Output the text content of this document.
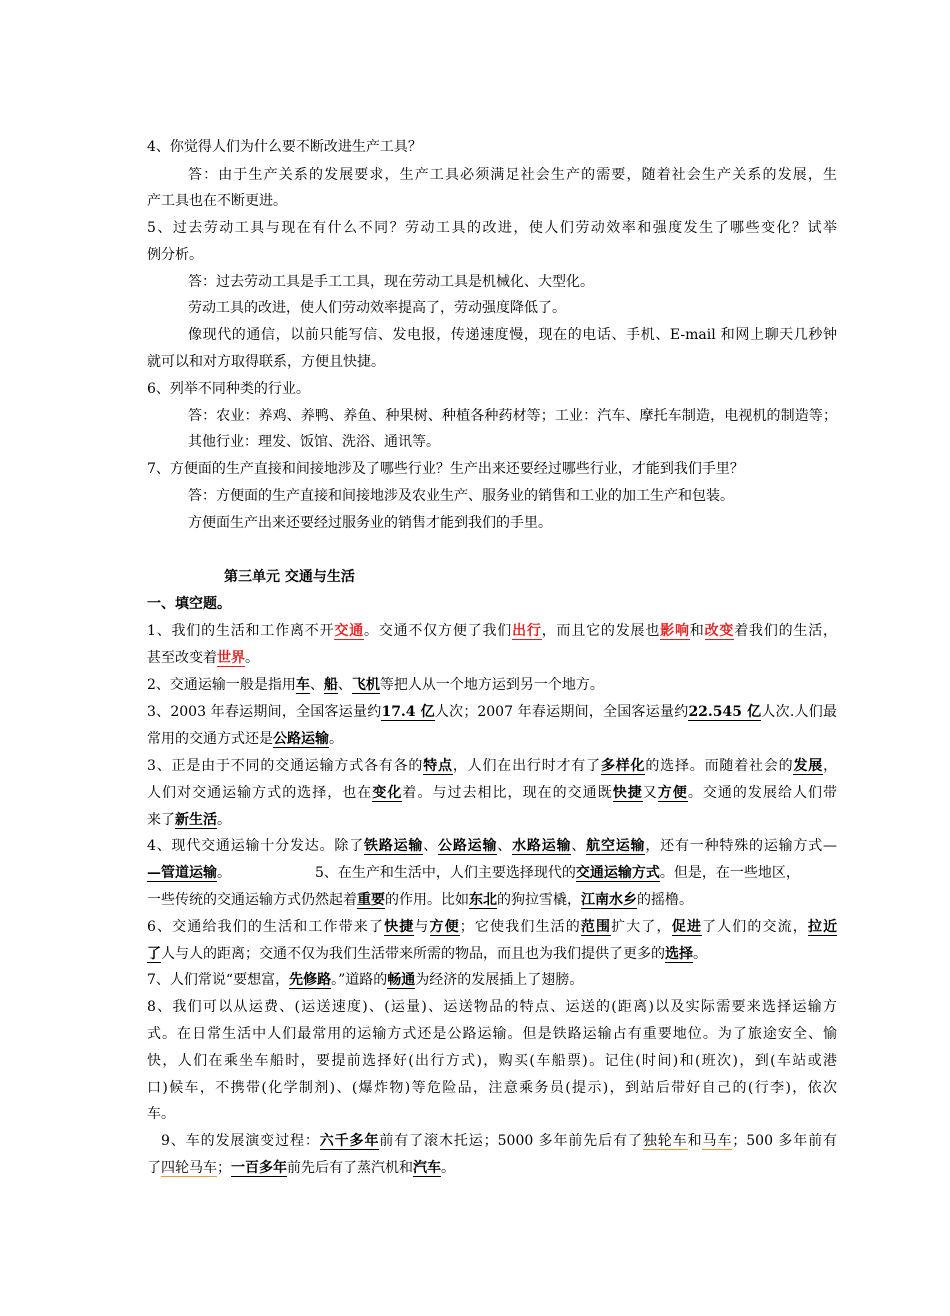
4、你觉得人们为什么要不断改进生产工具？

答：由于生产关系的发展要求，生产工具必须满足社会生产的需要，随着社会生产关系的发展，生

产工具也在不断更进。

5、过去劳动工具与现在有什么不同？劳动工具的改进，使人们劳动效率和强度发生了哪些变化？试举

例分析。

答：过去劳动工具是手工工具，现在劳动工具是机械化、大型化。

劳动工具的改进，使人们劳动效率提高了，劳动强度降低了。

像现代的通信，以前只能写信、发电报，传递速度慢，现在的电话、手机、E-mail 和网上聊天几秒钟

就可以和对方取得联系，方便且快捷。

6、列举不同种类的行业。

答：农业：养鸡、养鸭、养鱼、种果树、种植各种药材等；工业：汽车、摩托车制造，电视机的制造等；

其他行业：理发、饭馆、洗浴、通讯等。

7、方便面的生产直接和间接地涉及了哪些行业？生产出来还要经过哪些行业，才能到我们手里？

答：方便面的生产直接和间接地涉及农业生产、服务业的销售和工业的加工生产和包装。

方便面生产出来还要经过服务业的销售才能到我们的手里。

第三单元 交通与生活

一、填空题。

1、我们的生活和工作离不开交通。交通不仅方便了我们出行，而且它的发展也影响和改变着我们的生活，

甚至改变着世界。

2、交通运输一般是指用车、船、飞机等把人从一个地方运到另一个地方。

3、2003 年春运期间，全国客运量约17.4 亿人次；2007 年春运期间，全国客运量约22.545 亿人次.人们最

常用的交通方式还是公路运输。

3、正是由于不同的交通运输方式各有各的特点，人们在出行时才有了多样化的选择。而随着社会的发展，

人们对交通运输方式的选择，也在变化着。与过去相比，现在的交通既快捷又方便。交通的发展给人们带

来了新生活。

4、现代交通运输十分发达。除了铁路运输、公路运输、水路运输、航空运输，还有一种特殊的运输方式—

—管道运输。	5、在生产和生活中，人们主要选择现代的交通运输方式。但是，在一些地区，

一些传统的交通运输方式仍然起着重要的作用。比如东北的狗拉雪橇，江南水乡的摇橹。

6、交通给我们的生活和工作带来了快捷与方便；它使我们生活的范围扩大了，促进了人们的交流，拉近

了人与人的距离；交通不仅为我们生活带来所需的物品，而且也为我们提供了更多的选择。

7、人们常说“要想富，先修路。”道路的畅通为经济的发展插上了翅膀。

8、我们可以从运费、(运送速度)、(运量)、运送物品的特点、运送的(距离)以及实际需要来选择运输方

式。在日常生活中人们最常用的运输方式还是公路运输。但是铁路运输占有重要地位。为了旅途安全、愉

快，人们在乘坐车船时，要提前选择好(出行方式)，购买(车船票)。记住(时间)和(班次)，到(车站或港

口)候车，不携带(化学制剂)、(爆炸物)等危险品，注意乘务员(提示)，到站后带好自己的(行李)，依次

车。

9、车的发展演变过程：六千多年前有了滚木托运；5000 多年前先后有了独轮车和马车；500 多年前有

了四轮马车；一百多年前先后有了蒸汽机和汽车。
